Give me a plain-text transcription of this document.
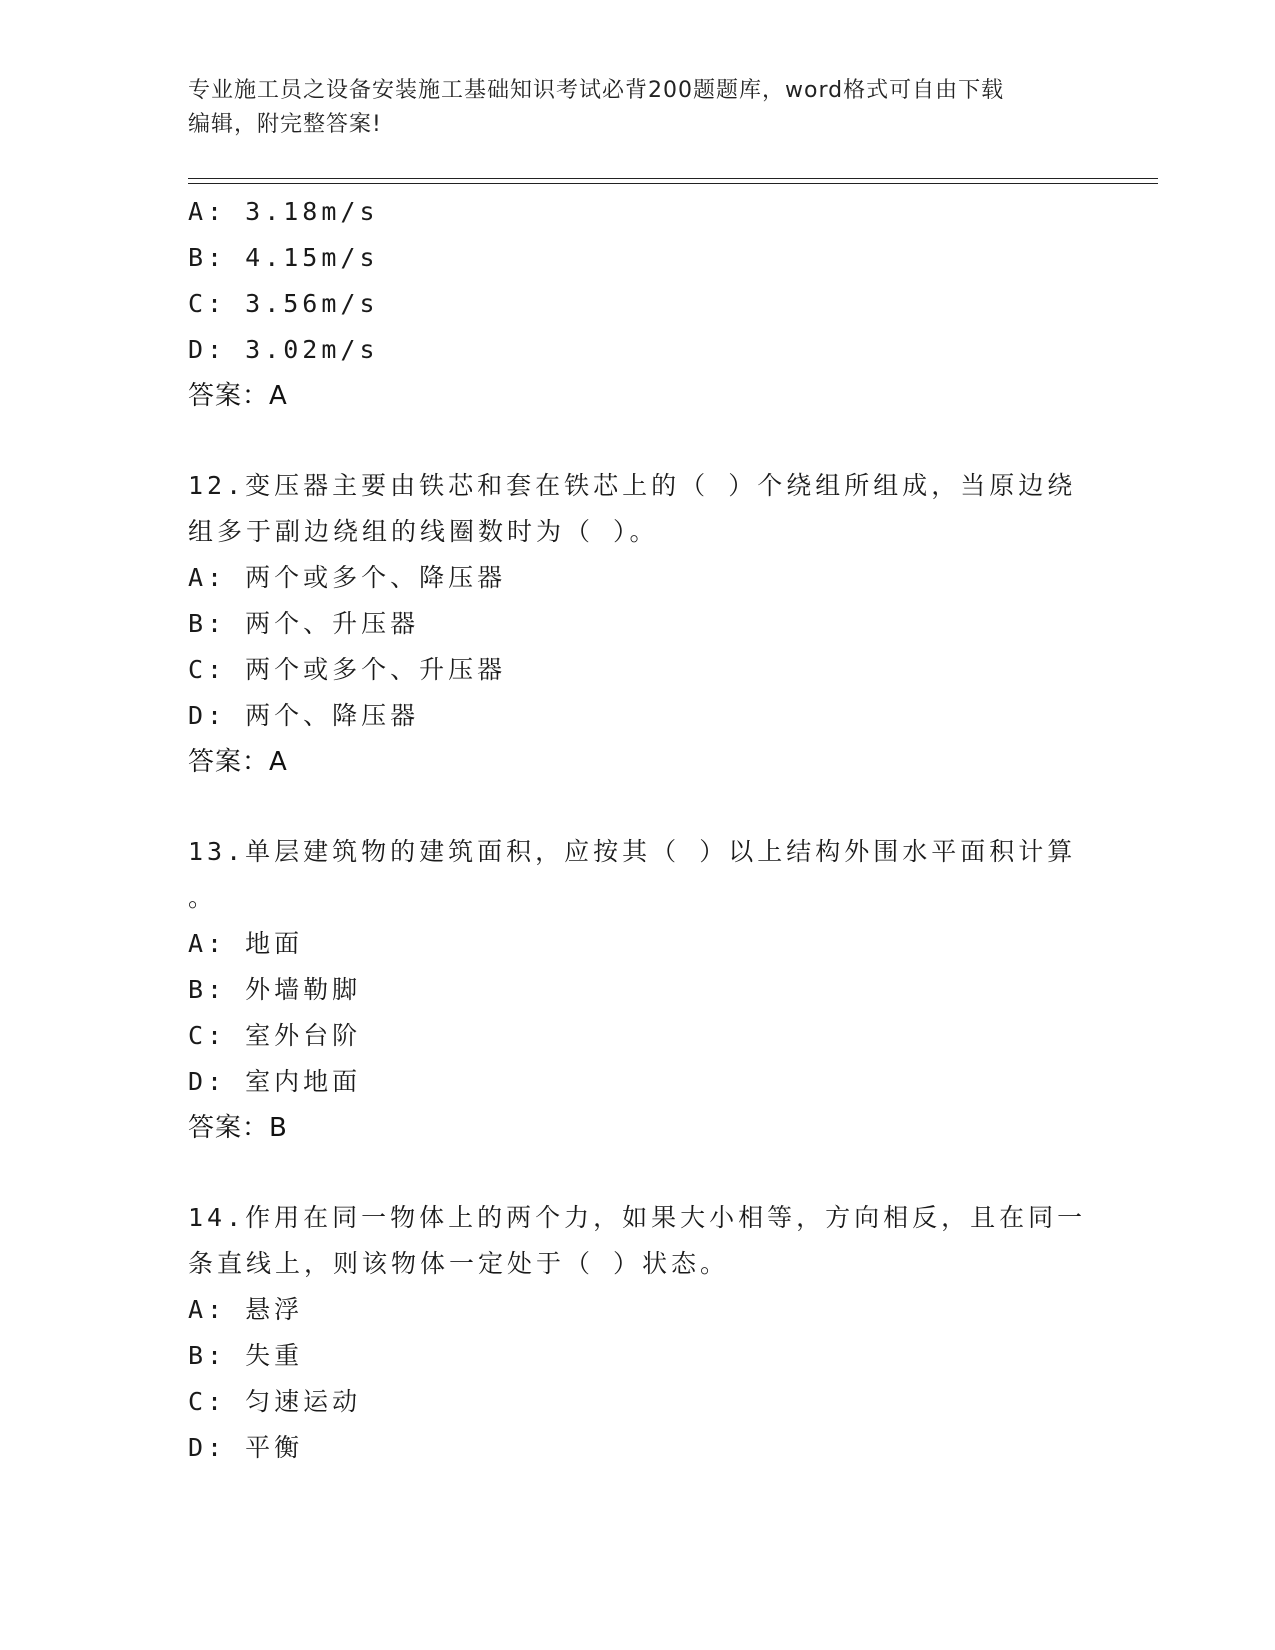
专业施工员之设备安装施工基础知识考试必背200题题库，word格式可自由下载
编辑，附完整答案!
A: 3.18m/s
B: 4.15m/s
C: 3.56m/s
D: 3.02m/s
答案：A
12.变压器主要由铁芯和套在铁芯上的（ ）个绕组所组成，当原边绕
组多于副边绕组的线圈数时为（ ）。
A: 两个或多个、降压器
B: 两个、升压器
C: 两个或多个、升压器
D: 两个、降压器
答案：A
13.单层建筑物的建筑面积，应按其（ ）以上结构外围水平面积计算
。
A: 地面
B: 外墙勒脚
C: 室外台阶
D: 室内地面
答案：B
14.作用在同一物体上的两个力，如果大小相等，方向相反，且在同一
条直线上，则该物体一定处于（ ）状态。
A: 悬浮
B: 失重
C: 匀速运动
D: 平衡
